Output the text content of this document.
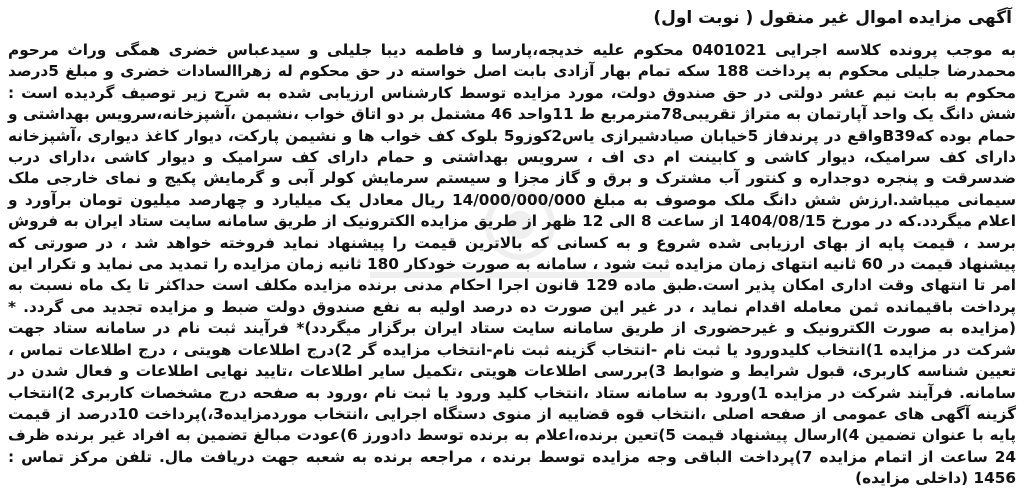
آگهی مزایده اموال غیر منقول ( نوبت اول)

به موجب پرونده کلاسه اجرایی 0401021 محکوم علیه خدیجه،پارسا و فاطمه دیبا جلیلی و سیدعباس خضری همگی وراث مرحوم محمدرضا جلیلی محکوم به پرداخت 188 سکه تمام بهار آزادی بابت اصل خواسته در حق محکوم له زهراالسادات خضری و مبلغ 5درصد محکوم به بابت نیم عشر دولتی در حق صندوق دولت، مورد مزایده توسط کارشناس ارزیابی شده به شرح زیر توصیف گردیده است : شش دانگ یک واحد آپارتمان به متراژ تقریبی78مترمربع ط 11واحد 46 مشتمل بر دو اتاق خواب ،نشیمن ،آشپزخانه،سرویس بهداشتی و حمام بوده کهB39واقع در پرندفاز 5خیابان صیادشیرازی یاس2کوزو5 بلوک کف خواب ها و نشیمن پارکت، دیوار کاغذ دیواری ،آشپزخانه دارای کف سرامیک، دیوار کاشی و کابینت ام دی اف ، سرویس بهداشتی و حمام دارای کف سرامیک و دیوار کاشی ،دارای درب ضدسرقت و پنجره دوجداره و کنتور آب مشترک و برق و گاز مجزا و سیستم سرمایش کولر آبی و گرمایش پکیج و نمای خارجی ملک سیمانی میباشد.ارزش شش دانگ ملک موصوف به مبلغ 14/000/000/000 ریال معادل یک میلیارد و چهارصد میلیون تومان برآورد و اعلام میگردد.که در مورخ 1404/08/15 از ساعت 8 الی 12 ظهر از طریق مزایده الکترونیک از طریق سامانه سایت ستاد ایران به فروش برسد ، قیمت پایه از بهای ارزیابی شده شروع و به کسانی که بالاترین قیمت را پیشنهاد نماید فروخته خواهد شد ، در صورتی که پیشنهاد قیمت در 60 ثانیه انتهای زمان مزایده ثبت شود ، سامانه به صورت خودکار 180 ثانیه زمان مزایده را تمدید می نماید و تکرار این امر تا انتهای وقت اداری امکان پذیر است.طبق ماده 129 قانون اجرا احکام مدنی برنده مزایده مکلف است حداکثر تا یک ماه نسبت به پرداخت باقیمانده ثمن معامله اقدام نماید ، در غیر این صورت ده درصد اولیه به نفع صندوق دولت ضبط و مزایده تجدید می گردد. *(مزایده به صورت الکترونیک و غیرحضوری از طریق سامانه سایت ستاد ایران برگزار میگردد)* فرآیند ثبت نام در سامانه ستاد جهت شرکت در مزایده 1)انتخاب کلیدورود یا ثبت نام -انتخاب گزینه ثبت نام-انتخاب مزایده گر 2)درج اطلاعات هویتی ، درج اطلاعات تماس ، تعیین شناسه کاربری، قبول شرایط و ضوابط 3)بررسی اطلاعات هویتی ،تکمیل سایر اطلاعات ،تایید نهایی اطلاعات و فعال شدن در سامانه. فرآیند شرکت در مزایده 1)ورود به سامانه ستاد ،انتخاب کلید ورود یا ثبت نام ،ورود به صفحه درج مشخصات کاربری 2)انتخاب گزینه آگهی های عمومی از صفحه اصلی ،انتخاب قوه قضاییه از منوی دستگاه اجرایی ،انتخاب موردمزایده3،)پرداخت 10درصد از قیمت پایه با عنوان تضمین 4)ارسال پیشنهاد قیمت 5)تعین برنده،اعلام به برنده توسط دادورز 6)عودت مبالغ تضمین به افراد غیر برنده ظرف 24 ساعت از اتمام مزایده 7)پرداخت الباقی وجه مزایده توسط برنده ، مراجعه برنده به شعبه جهت دریافت مال. تلفن مرکز تماس : 1456 (داخلی مزایده)
